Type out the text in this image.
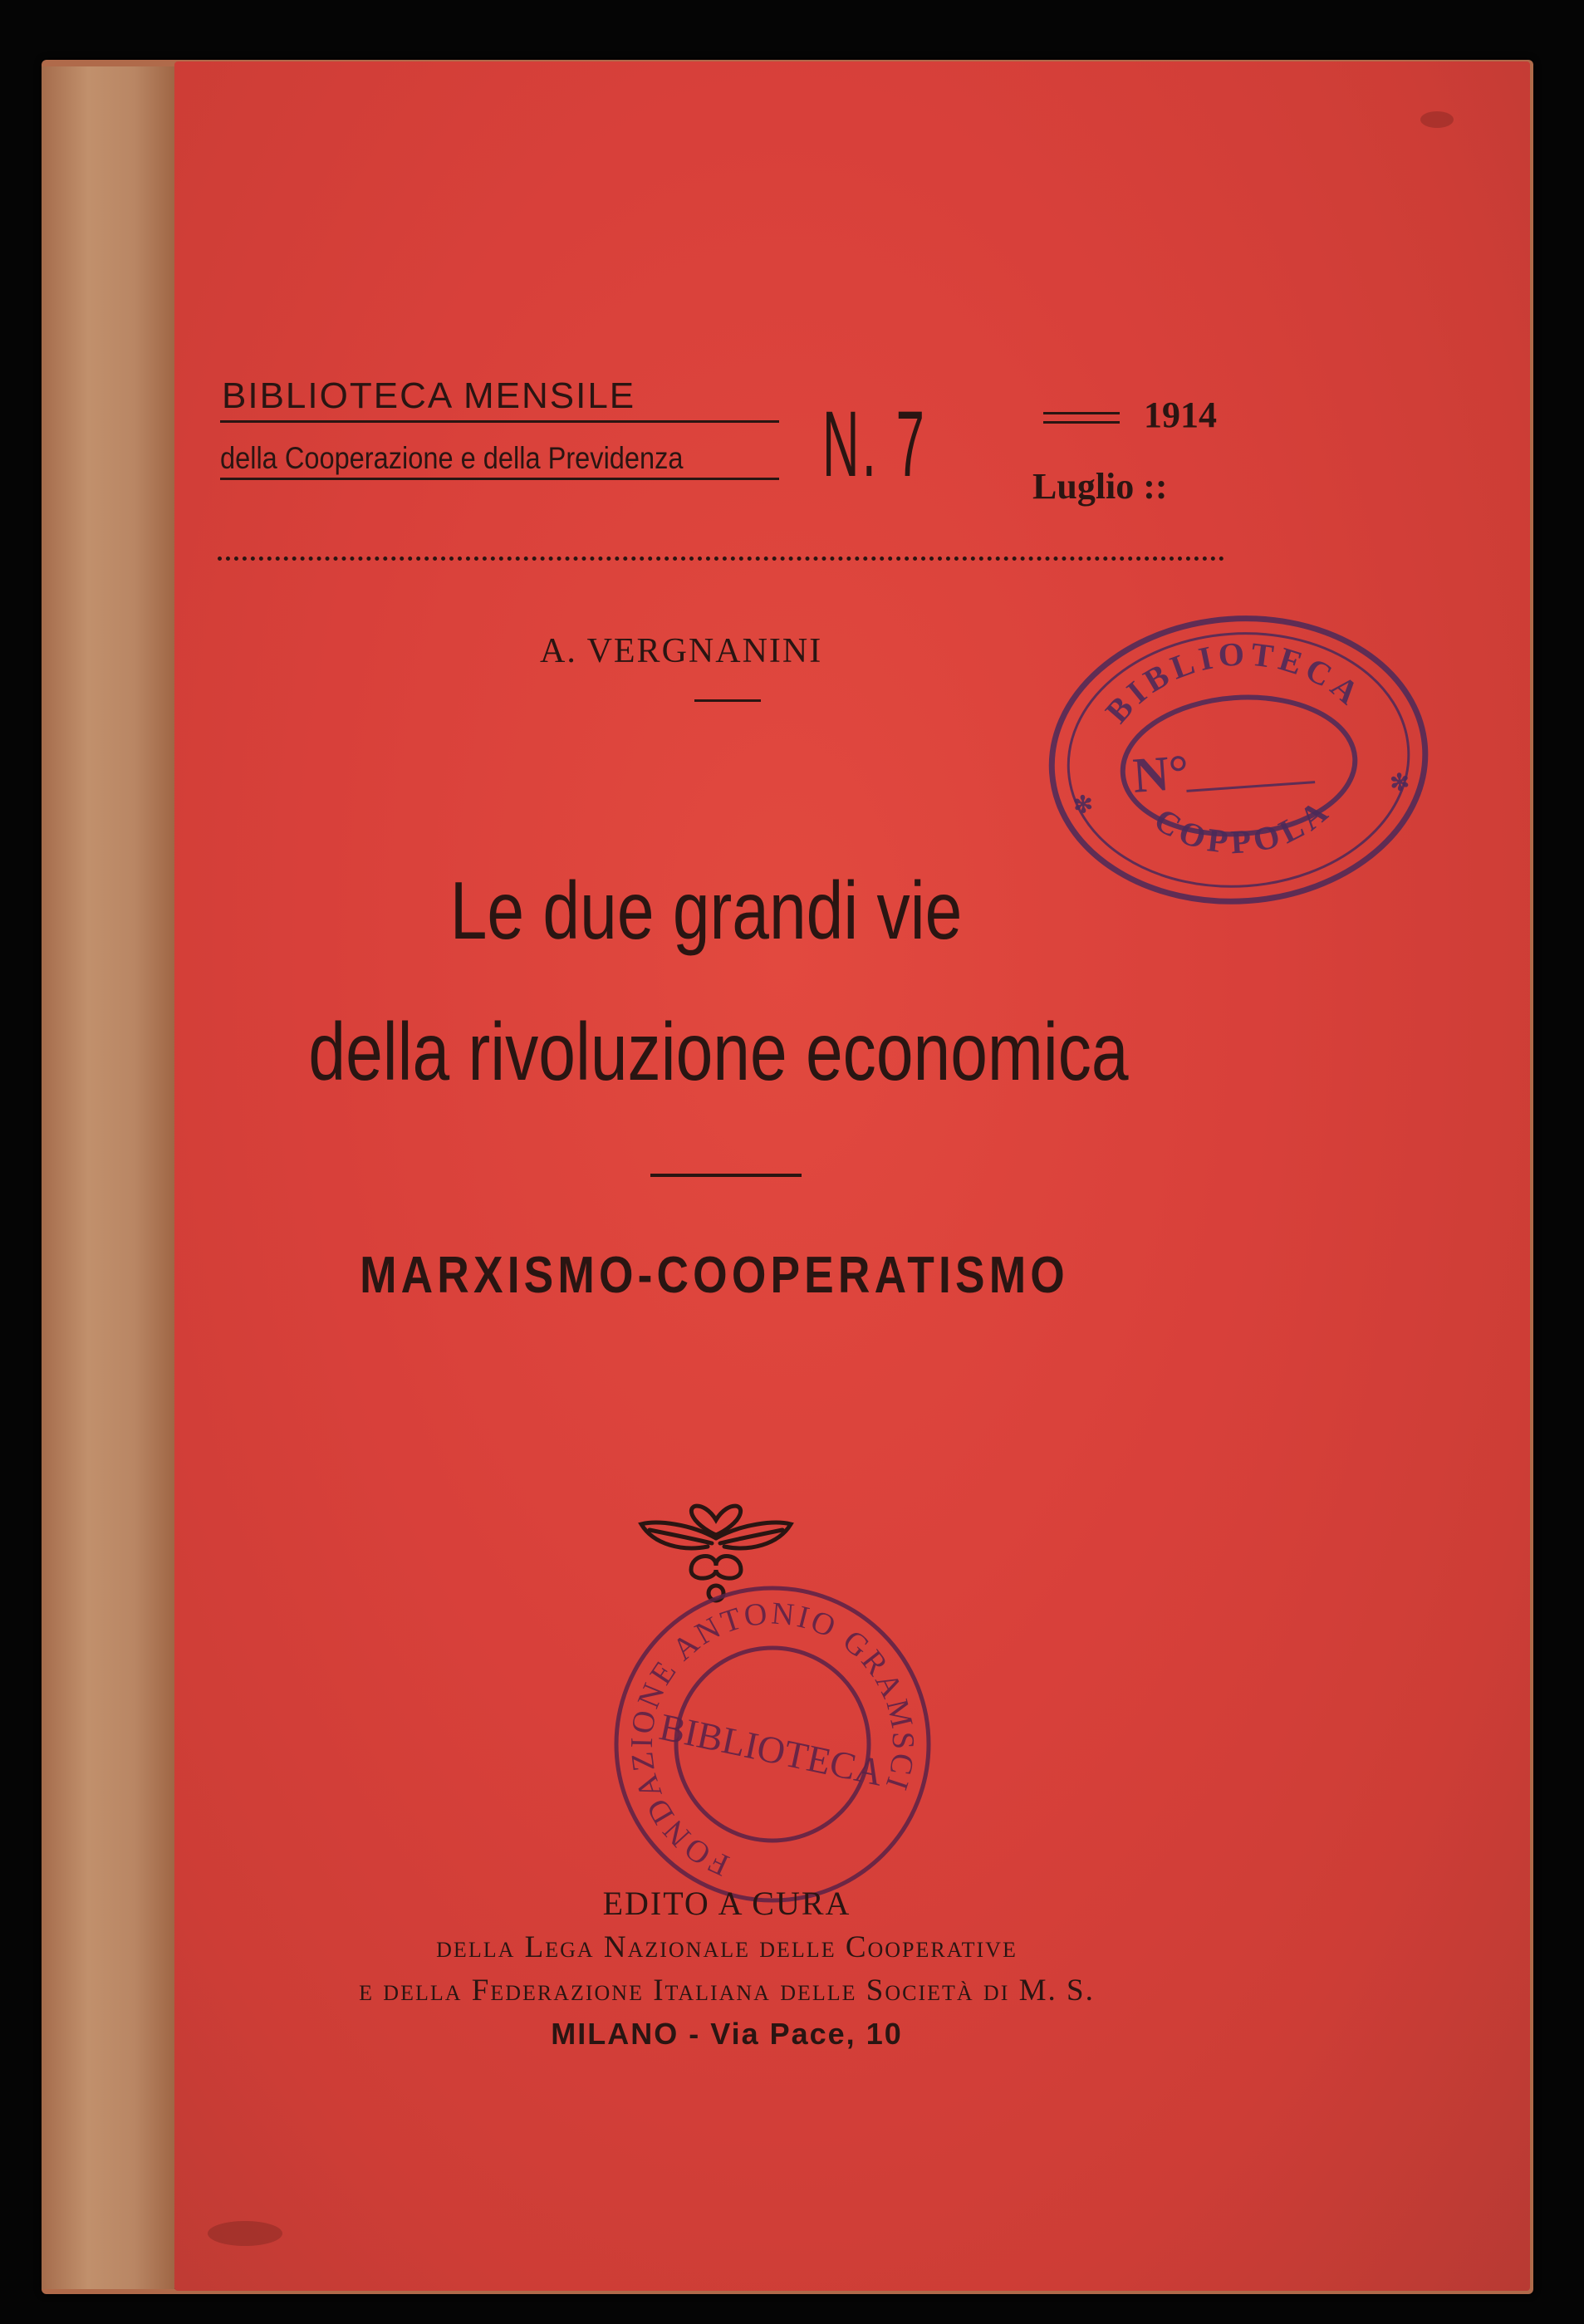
BIBLIOTECA MENSILE
della Cooperazione e della Previdenza	N. 7	1914
Luglio ::
A. VERGNANINI
BIBLIOTECA
COPPOLA
N°
✻
✻
Le due grandi vie
della rivoluzione economica
MARXISMO-COOPERATISMO
FONDAZIONE ANTONIO GRAMSCI
BIBLIOTECA
EDITO A CURA
della Lega Nazionale delle Cooperative
e della Federazione Italiana delle Società di M. S.
MILANO - Via Pace, 10
